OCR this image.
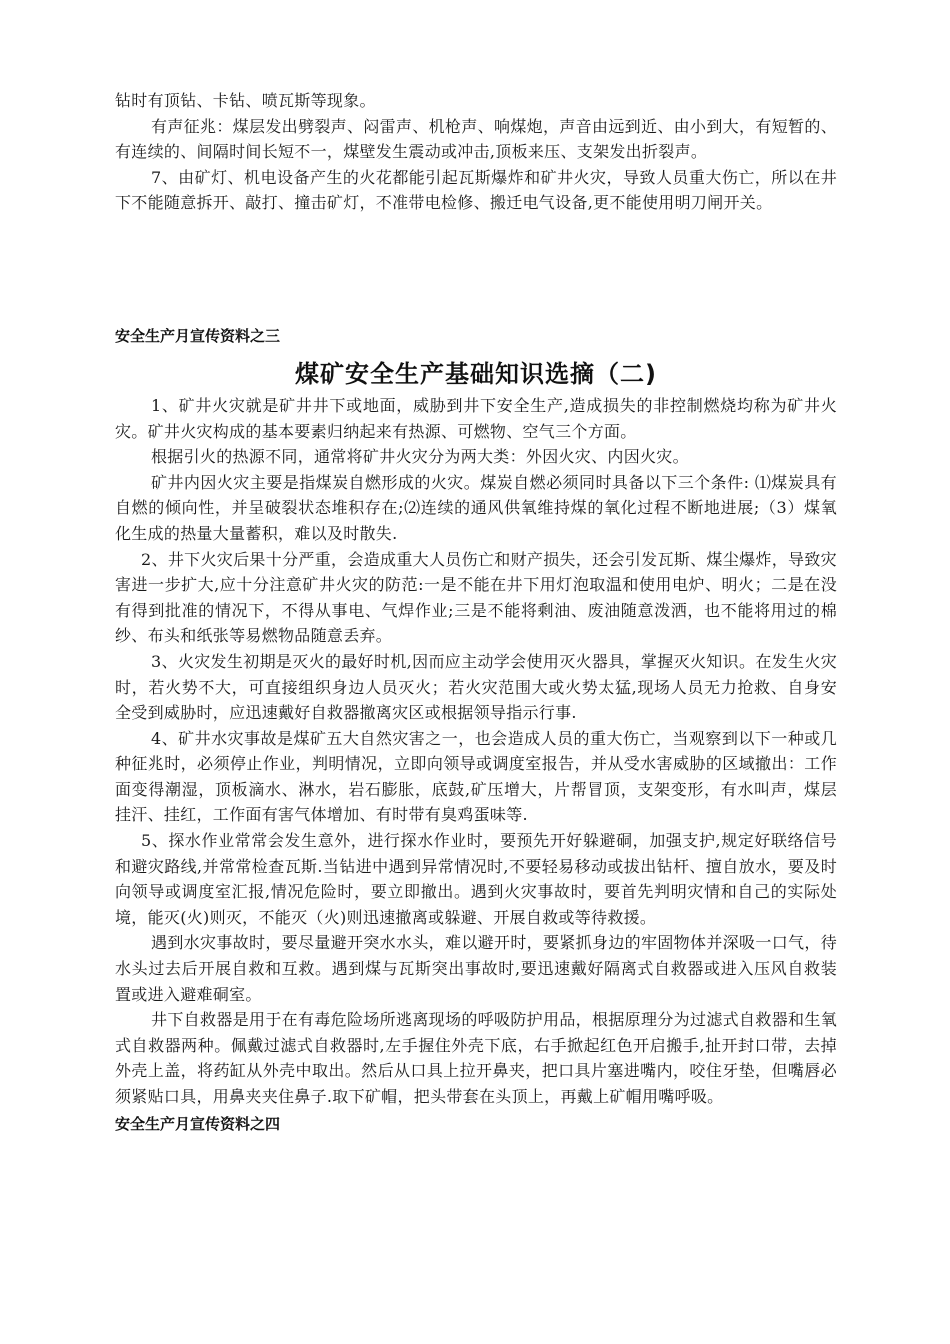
钻时有顶钻、卡钻、喷瓦斯等现象。

有声征兆：煤层发出劈裂声、闷雷声、机枪声、响煤炮，声音由远到近、由小到大，有短暂的、有连续的、间隔时间长短不一，煤壁发生震动或冲击,顶板来压、支架发出折裂声。

7、由矿灯、机电设备产生的火花都能引起瓦斯爆炸和矿井火灾，导致人员重大伤亡，所以在井下不能随意拆开、敲打、撞击矿灯，不准带电检修、搬迁电气设备,更不能使用明刀闸开关。

安全生产月宣传资料之三

煤矿安全生产基础知识选摘（二)

1、矿井火灾就是矿井井下或地面，威胁到井下安全生产,造成损失的非控制燃烧均称为矿井火灾。矿井火灾构成的基本要素归纳起来有热源、可燃物、空气三个方面。

根据引火的热源不同，通常将矿井火灾分为两大类：外因火灾、内因火灾。

矿井内因火灾主要是指煤炭自燃形成的火灾。煤炭自燃必须同时具备以下三个条件: ⑴煤炭具有自燃的倾向性，并呈破裂状态堆积存在;⑵连续的通风供氧维持煤的氧化过程不断地进展;（3）煤氧化生成的热量大量蓄积，难以及时散失.

2、井下火灾后果十分严重，会造成重大人员伤亡和财产损失，还会引发瓦斯、煤尘爆炸，导致灾害进一步扩大,应十分注意矿井火灾的防范:一是不能在井下用灯泡取温和使用电炉、明火；二是在没有得到批准的情况下，不得从事电、气焊作业;三是不能将剩油、废油随意泼洒，也不能将用过的棉纱、布头和纸张等易燃物品随意丢弃。

3、火灾发生初期是灭火的最好时机,因而应主动学会使用灭火器具，掌握灭火知识。在发生火灾时，若火势不大，可直接组织身边人员灭火；若火灾范围大或火势太猛,现场人员无力抢救、自身安全受到威胁时，应迅速戴好自救器撤离灾区或根据领导指示行事.

4、矿井水灾事故是煤矿五大自然灾害之一，也会造成人员的重大伤亡，当观察到以下一种或几种征兆时，必须停止作业，判明情况，立即向领导或调度室报告，并从受水害威胁的区域撤出：工作面变得潮湿，顶板滴水、淋水，岩石膨胀，底鼓,矿压增大，片帮冒顶，支架变形，有水叫声，煤层挂汗、挂红，工作面有害气体增加、有时带有臭鸡蛋味等.

5、探水作业常常会发生意外，进行探水作业时，要预先开好躲避硐，加强支护,规定好联络信号和避灾路线,并常常检查瓦斯.当钻进中遇到异常情况时,不要轻易移动或拔出钻杆、擅自放水，要及时向领导或调度室汇报,情况危险时，要立即撤出。遇到火灾事故时，要首先判明灾情和自己的实际处境，能灭(火)则灭，不能灭（火)则迅速撤离或躲避、开展自救或等待救援。

遇到水灾事故时，要尽量避开突水水头，难以避开时，要紧抓身边的牢固物体并深吸一口气，待水头过去后开展自救和互救。遇到煤与瓦斯突出事故时,要迅速戴好隔离式自救器或进入压风自救装置或进入避难硐室。

井下自救器是用于在有毒危险场所逃离现场的呼吸防护用品，根据原理分为过滤式自救器和生氧式自救器两种。佩戴过滤式自救器时,左手握住外壳下底，右手掀起红色开启搬手,扯开封口带，去掉外壳上盖，将药缸从外壳中取出。然后从口具上拉开鼻夹，把口具片塞进嘴内，咬住牙垫，但嘴唇必须紧贴口具，用鼻夹夹住鼻子.取下矿帽，把头带套在头顶上，再戴上矿帽用嘴呼吸。

安全生产月宣传资料之四
